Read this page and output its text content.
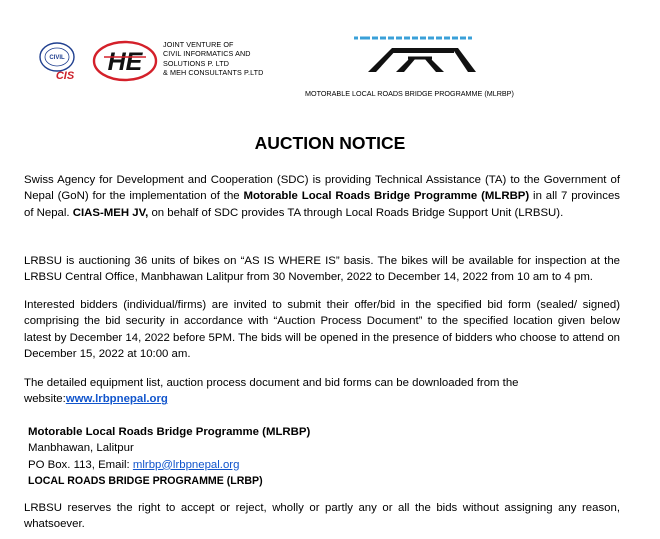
CIVIL
CIS HE
JOINT VENTURE OF
CIVIL INFORMATICS AND
SOLUTIONS P. LTD
& MEH CONSULTANTS P.LTD
MOTORABLE LOCAL ROADS BRIDGE PROGRAMME (MLRBP)
AUCTION NOTICE
Swiss Agency for Development and Cooperation (SDC) is providing Technical Assistance (TA) to the Government of Nepal (GoN) for the implementation of the Motorable Local Roads Bridge Programme (MLRBP) in all 7 provinces of Nepal. CIAS-MEH JV, on behalf of SDC provides TA through Local Roads Bridge Support Unit (LRBSU).
LRBSU is auctioning 36 units of bikes on “AS IS WHERE IS” basis. The bikes will be available for inspection at the LRBSU Central Office, Manbhawan Lalitpur from 30 November, 2022 to December 14, 2022 from 10 am to 4 pm.
Interested bidders (individual/firms) are invited to submit their offer/bid in the specified bid form (sealed/ signed) comprising the bid security in accordance with “Auction Process Document” to the specified location given below latest by December 14, 2022 before 5PM. The bids will be opened in the presence of bidders who choose to attend on December 15, 2022 at 10:00 am.
The detailed equipment list, auction process document and bid forms can be downloaded from the website:www.lrbpnepal.org
Motorable Local Roads Bridge Programme (MLRBP)
Manbhawan, Lalitpur
PO Box. 113, Email: mlrbp@lrbpnepal.org
LOCAL ROADS BRIDGE PROGRAMME (LRBP)
LRBSU reserves the right to accept or reject, wholly or partly any or all the bids without assigning any reason, whatsoever.
